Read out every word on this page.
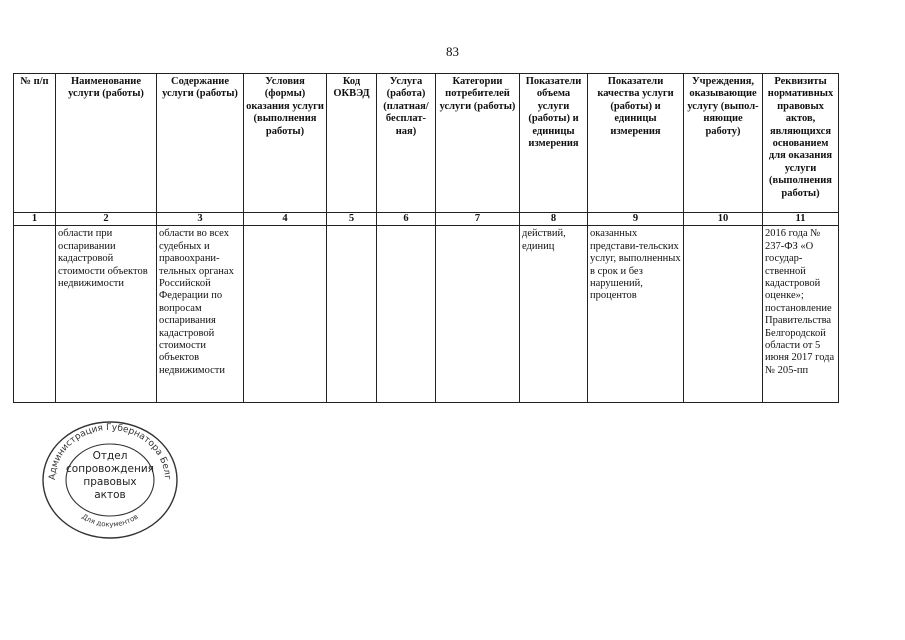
83
№ п/п	Наименование услуги (работы)	Содержание услуги (работы)	Условия (формы) оказания услуги (выполнения работы)	Код ОКВЭД	Услуга (работа) (платная/ бесплат-ная)	Категории потребителей услуги (работы)	Показатели объема услуги (работы) и единицы измерения	Показатели качества услуги (работы) и единицы измерения	Учреждения, оказывающие услугу (выпол-няющие работу)	Реквизиты нормативных правовых актов, являющихся основанием для оказания услуги (выполнения работы)
1	2	3	4	5	6	7	8	9	10	11
	области при оспаривании кадастровой стоимости объектов недвижимости	области во всех судебных и правоохрани-тельных органах Российской Федерации по вопросам оспаривания кадастровой стоимости объектов недвижимости					действий, единиц	оказанных представи-тельских услуг, выполненных в срок и без нарушений, процентов		2016 года № 237-ФЗ «О государ-ственной кадастровой оценке»; постановление Правительства Белгородской области от 5 июня 2017 года № 205-пп
Администрация Губернатора Белг
Для документов
Отдел
сопровождения
правовых
актов
